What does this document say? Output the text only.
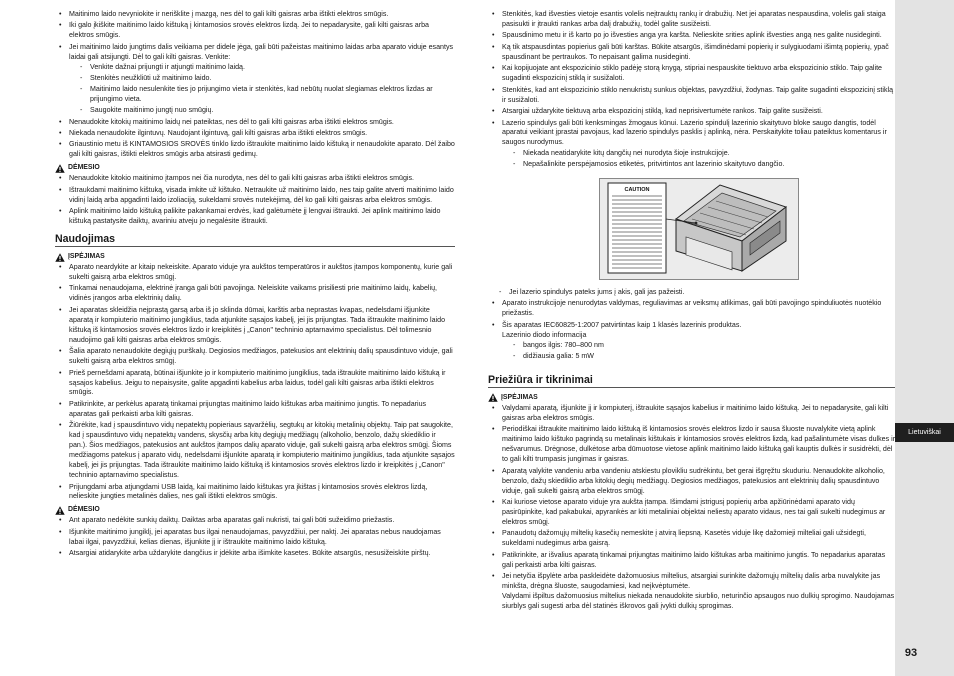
• Maitinimo laido nevyniokite ir nerišklite į mazgą, nes dėl to gali kilti gaisras arba ištikti elektros smūgis.
• Iki galo įkiškite maitinimo laido kištuką į kintamosios srovės elektros lizdą. Jei to nepadarysite, gali kilti gaisras arba elektros smūgis.
• Jei maitinimo laido jungtims dalis veikiama per didele jėga, gali būti pažeistas maitinimo laidas arba aparato viduje esantys laidai gali atsijungti. Dėl to gali kilti gaisras. Venkite:
- Venkite dažnai prijungti ir atjungti maitinimo laidą.
- Stenkitės neužkliūti už maitinimo laido.
- Maitinimo laido nesulenkite ties jo prijungimo vieta ir stenkitės, kad nebūtų nuolat slegiamas elektros lizdas ar prijungimo vieta.
- Saugokite maitinimo jungtį nuo smūgių.
• Nenaudokite kitokių maitinimo laidų nei pateiktas, nes dėl to gali kilti gaisras arba ištikti elektros smūgis.
• Niekada nenaudokite ilgintuvų. Naudojant ilgintuvą, gali kilti gaisras arba ištikti elektros smūgis.
• Griaustinio metu iš KINTAMOSIOS SROVĖS tinklo lizdo ištraukite maitinimo laido kištuką ir nenaudokite aparato. Dėl žaibo gali kilti gaisras, ištikti elektros smūgis arba atsirasti gedimų.
DĖMESIO
• Nenaudokite kitokio maitinimo įtampos nei čia nurodyta, nes dėl to gali kilti gaisras arba ištikti elektros smūgis.
• Ištraukdami maitinimo kištuką, visada imkite už kištuko. Netraukite už maitinimo laido, nes taip galite atverti maitinimo laido vidinį laidą arba apgadinti laido izoliaciją, sukeldami srovės nutekėjimą, dėl ko gali kilti gaisras arba elektros smūgis.
• Aplink maitinimo laido kištuką palikite pakankamai erdvės, kad galėtumėte jį lengvai ištraukti. Jei aplink maitinimo laido kištuką pastatysite daiktų, avariniu atveju jo negalėsite ištraukti.
Naudojimas
ĮSPĖJIMAS
• Aparato neardykite ar kitaip nekeiskite. Aparato viduje yra aukštos temperatūros ir aukštos įtampos komponentų, kurie gali sukelti gaisrą arba elektros smūgį.
• Tinkamai nenaudojama, elektrinė įranga gali būti pavojinga. Neleiskite vaikams prisiliesti prie maitinimo laidų, kabelių, vidinės įrangos arba elektrinių dalių.
• Jei aparatas skleidžia neįprastą garsą arba iš jo sklinda dūmai, karštis arba neprastas kvapas, nedelsdami išjunkite aparatą ir kompiuterio maitinimo jungiklius, tada atjunkite sąsajos kabelį, jei jis prijungtas. Tada ištraukite maitinimo laido kištuką iš kintamosios srovės elektros lizdo ir kreipkitės į „Canon" techninio aptarnavimo specialistus. Dėl tolimesnio naudojimo gali kilti gaisras arba elektros smūgis.
• Šalia aparato nenaudokite degiųjų purškalų. Degiosios medžiagos, patekusios ant elektrinių dalių spausdintuvo viduje, gali sukelti gaisrą arba elektros smūgį.
• Prieš pernešdami aparatą, būtinai išjunkite jo ir kompiuterio maitinimo jungiklius, tada ištraukite maitinimo laido kištuką ir sąsajos kabelius. Jeigu to nepaisysite, galite apgadinti kabelius arba laidus, todėl gali kilti gaisras arba ištikti elektros smūgis.
• Patikrinkite, ar perkėlus aparatą tinkamai prijungtas maitinimo laido kištukas arba maitinimo jungtis. To nepadarius aparatas gali perkaisti arba kilti gaisras.
• Žiūrėkite, kad į spausdintuvo vidų nepatektų popieriaus sąvaržėlių, segtukų ar kitokių metalinių objektų. Taip pat saugokite, kad į spausdintuvo vidų nepatektų vandens, skysčių arba kitų degiųjų medžiagų (alkoholio, benzolo, dažų skiediklio ir pan.). Šios medžiagos, patekusios ant aukštos įtampos dalių aparato viduje, gali sukelti gaisrą arba elektros smūgį. Šioms medžiagoms patekus į aparato vidų, nedelsdami išjunkite aparatą ir kompiuterio maitinimo jungiklius, tada atjunkite sąsajos kabelį, jei jis prijungtas. Tada ištraukite maitinimo laido kištuką iš kintamosios srovės elektros lizdo ir kreipkitės į „Canon" techninio aptarnavimo specialistus.
• Prijungdami arba atjungdami USB laidą, kai maitinimo laido kištukas yra įkištas į kintamosios srovės elektros lizdą, nelieskite jungties metalinės dalies, nes gali ištikti elektros smūgis.
DĖMESIO
• Ant aparato nedėkite sunkių daiktų. Daiktas arba aparatas gali nukristi, tai gali būti sužeidimo priežastis.
• Išjunkite maitinimo jungiklį, jei aparatas bus ilgai nenaudojamas, pavyzdžiui, per naktį. Jei aparatas nebus naudojamas labai ilgai, pavyzdžiui, kelias dienas, išjunkite jį ir ištraukite maitinimo laido kištuką.
• Atsargiai atidarykite arba uždarykite dangčius ir įdėkite arba išimkite kasetes. Būkite atsargūs, nesusižeiskite pirštų.
• Stenkitės, kad išvesties vietoje esantis volelis neįtrauktų rankų ir drabužių. Net jei aparatas nespausdina, volelis gali staiga pasisukti ir įtraukti rankas arba dalį drabužių, todėl galite susižeisti.
• Spausdinimo metu ir iš karto po jo išvesties anga yra karšta. Nelieskite srities aplink išvesties angą nes galite nusideginti.
• Ką tik atspausdintas popierius gali būti karštas. Būkite atsargūs, išimdinėdami popierių ir sulygiuodami išimtą popierių, ypač spausdinant be pertraukos. To nepaisant galima nusideginti.
• Kai kopijuojate ant ekspozicinio stiklo padėję storą knygą, stipriai nespauskite tiektuvo arba ekspozicinio stiklo. Taip galite sugadinti ekspozicinį stiklą ir susižaloti.
• Stenkitės, kad ant ekspozicinio stiklo nenukristų sunkus objektas, pavyzdžiui, žodynas. Taip galite sugadinti ekspozicinį stiklą ir susižaloti.
• Atsargiai uždarykite tiektuvą arba ekspozicinį stiklą, kad neprisivertumėte rankos. Taip galite susižeisti.
• Lazerio spindulys gali būti kenksmingas žmogaus kūnui. Lazerio spindulį lazerinio skaitytuvo bloke saugo dangtis, todėl aparatui veikiant įprastai pavojaus, kad lazerio spindulys pasklis į aplinką, nėra. Perskaitykite toliau pateiktus komentarus ir saugos nurodymus.
- Niekada neatidarykite kitų dangčių nei nurodyta šioje instrukcijoje.
- Nepašalinkite perspėjamosios etiketės, pritvirtintos ant lazerinio skaitytuvo dangčio.
CAUTION
- Jei lazerio spindulys pateks jums į akis, gali jas pažeisti.
• Aparato instrukcijoje nenurodytas valdymas, reguliavimas ar veiksmų atlikimas, gali būti pavojingo spinduliuotės nuotėkio priežastis.
• Šis aparatas IEC60825-1:2007 patvirtintas kaip 1 klasės lazerinis produktas.
Lazerinio diodo informacija
- bangos ilgis: 780–800 nm
- didžiausia galia: 5 mW
Priežiūra ir tikrinimai
ĮSPĖJIMAS
• Valydami aparatą, išjunkite jį ir kompiuterį, ištraukite sąsajos kabelius ir maitinimo laido kištuką. Jei to nepadarysite, gali kilti gaisras arba elektros smūgis.
• Periodiškai ištraukite maitinimo laido kištuką iš kintamosios srovės elektros lizdo ir sausa šluoste nuvalykite vietą aplink maitinimo laido kištuko pagrindą su metalinais kištukais ir kintamosios srovės elektros lizdą, kad pašalintumėte visas dulkes ir nešvarumus. Drėgnose, dulkėtose arba dūmuotose vietose aplink maitinimo laido kištuką gali kauptis dulkės ir susidrėkti, dėl to gali kilti trumpasis jungimas ir gaisras.
• Aparatą valykite vandeniu arba vandeniu atskiestu plovikliu sudrėkintu, bet gerai išgręžtu skuduriu. Nenaudokite alkoholio, benzolo, dažų skiediklio arba kitokių degių medžiagų. Degiosios medžiagos, patekusios ant elektrinių dalių spausdintuvo viduje, gali sukelti gaisrą arba elektros smūgį.
• Kai kuriose vietose aparato viduje yra aukšta įtampa. Išimdami įstrigusį popierių arba apžiūrinėdami aparato vidų pasirūpinkite, kad pakabukai, apyrankės ar kiti metaliniai objektai neliestų aparato vidaus, nes tai gali sukelti nudegimus ar elektros smūgį.
• Panaudotų dažomųjų miltelių kasečių nemeskite į atvirą liepsną. Kasetės viduje likę dažomieji milteliai gali užsidegti, sukeldami nudegimus arba gaisrą.
• Patikrinkite, ar išvalius aparatą tinkamai prijungtas maitinimo laido kištukas arba maitinimo jungtis. To nepadarius aparatas gali perkaisti arba kilti gaisras.
• Jei netyčia išpylėte arba paskleidėte dažomuosius miltelius, atsargiai surinkite dažomųjų miltelių dalis arba nuvalykite jas minkšta, drėgna šluoste, saugodamiesi, kad neįkvėptumėte.
Valydami išpiltus dažomuosius miltelius niekada nenaudokite siurblio, neturinčio apsaugos nuo dulkių sprogimo. Naudojamas siurblys gali sugesti arba dėl statinės iškrovos gali įvykti dulkių sprogimas.
Lietuviškai
93
